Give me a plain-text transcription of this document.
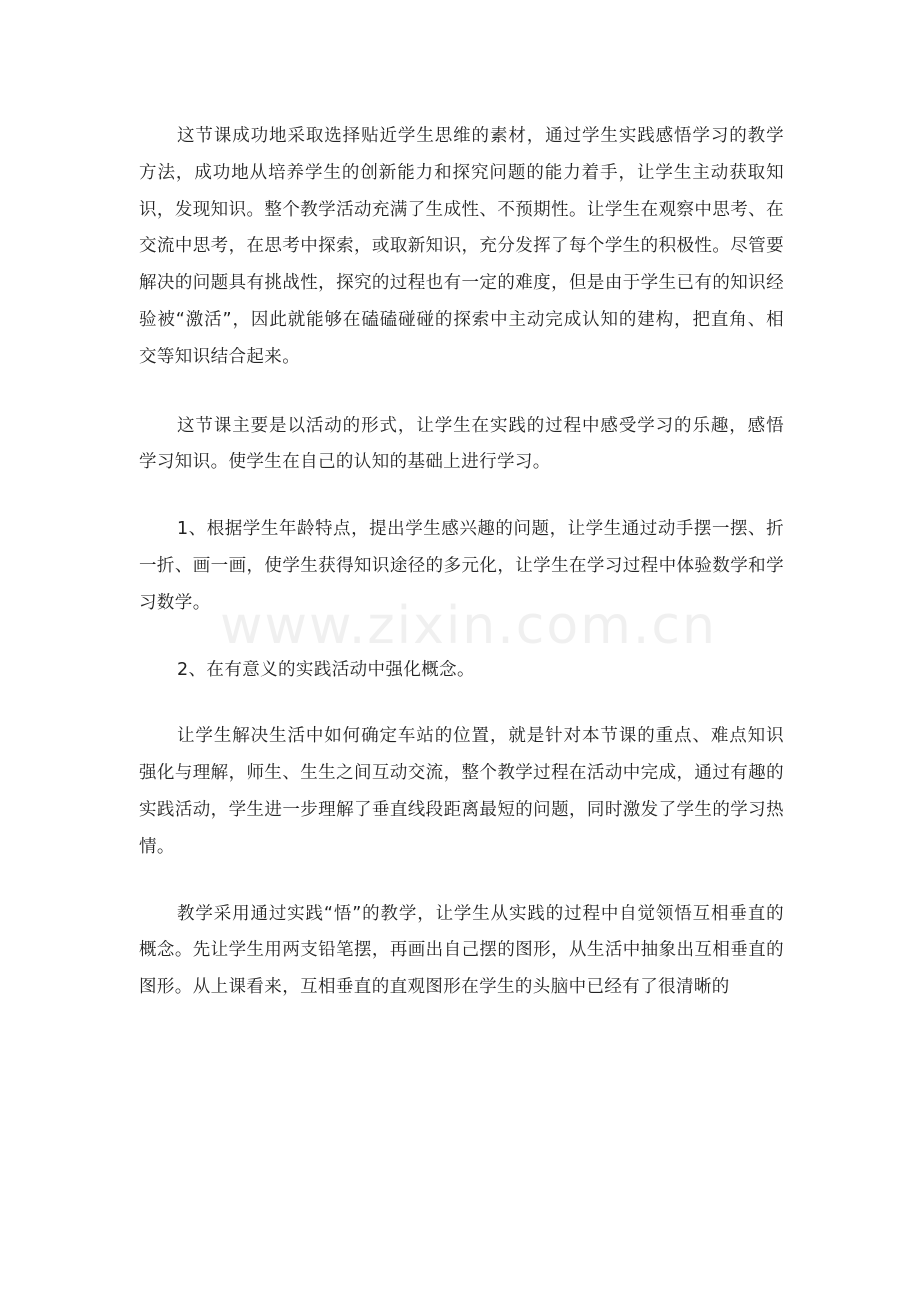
www.zixin.com.cn

这节课成功地采取选择贴近学生思维的素材，通过学生实践感悟学习的教学方法，成功地从培养学生的创新能力和探究问题的能力着手，让学生主动获取知识，发现知识。整个教学活动充满了生成性、不预期性。让学生在观察中思考、在交流中思考，在思考中探索，或取新知识，充分发挥了每个学生的积极性。尽管要解决的问题具有挑战性，探究的过程也有一定的难度，但是由于学生已有的知识经验被“激活”，因此就能够在磕磕碰碰的探索中主动完成认知的建构，把直角、相交等知识结合起来。

这节课主要是以活动的形式，让学生在实践的过程中感受学习的乐趣，感悟学习知识。使学生在自己的认知的基础上进行学习。

1、根据学生年龄特点，提出学生感兴趣的问题，让学生通过动手摆一摆、折一折、画一画，使学生获得知识途径的多元化，让学生在学习过程中体验数学和学习数学。

2、在有意义的实践活动中强化概念。

让学生解决生活中如何确定车站的位置，就是针对本节课的重点、难点知识强化与理解，师生、生生之间互动交流，整个教学过程在活动中完成，通过有趣的实践活动，学生进一步理解了垂直线段距离最短的问题，同时激发了学生的学习热情。

教学采用通过实践“悟”的教学，让学生从实践的过程中自觉领悟互相垂直的概念。先让学生用两支铅笔摆，再画出自己摆的图形，从生活中抽象出互相垂直的图形。从上课看来，互相垂直的直观图形在学生的头脑中已经有了很清晰的
